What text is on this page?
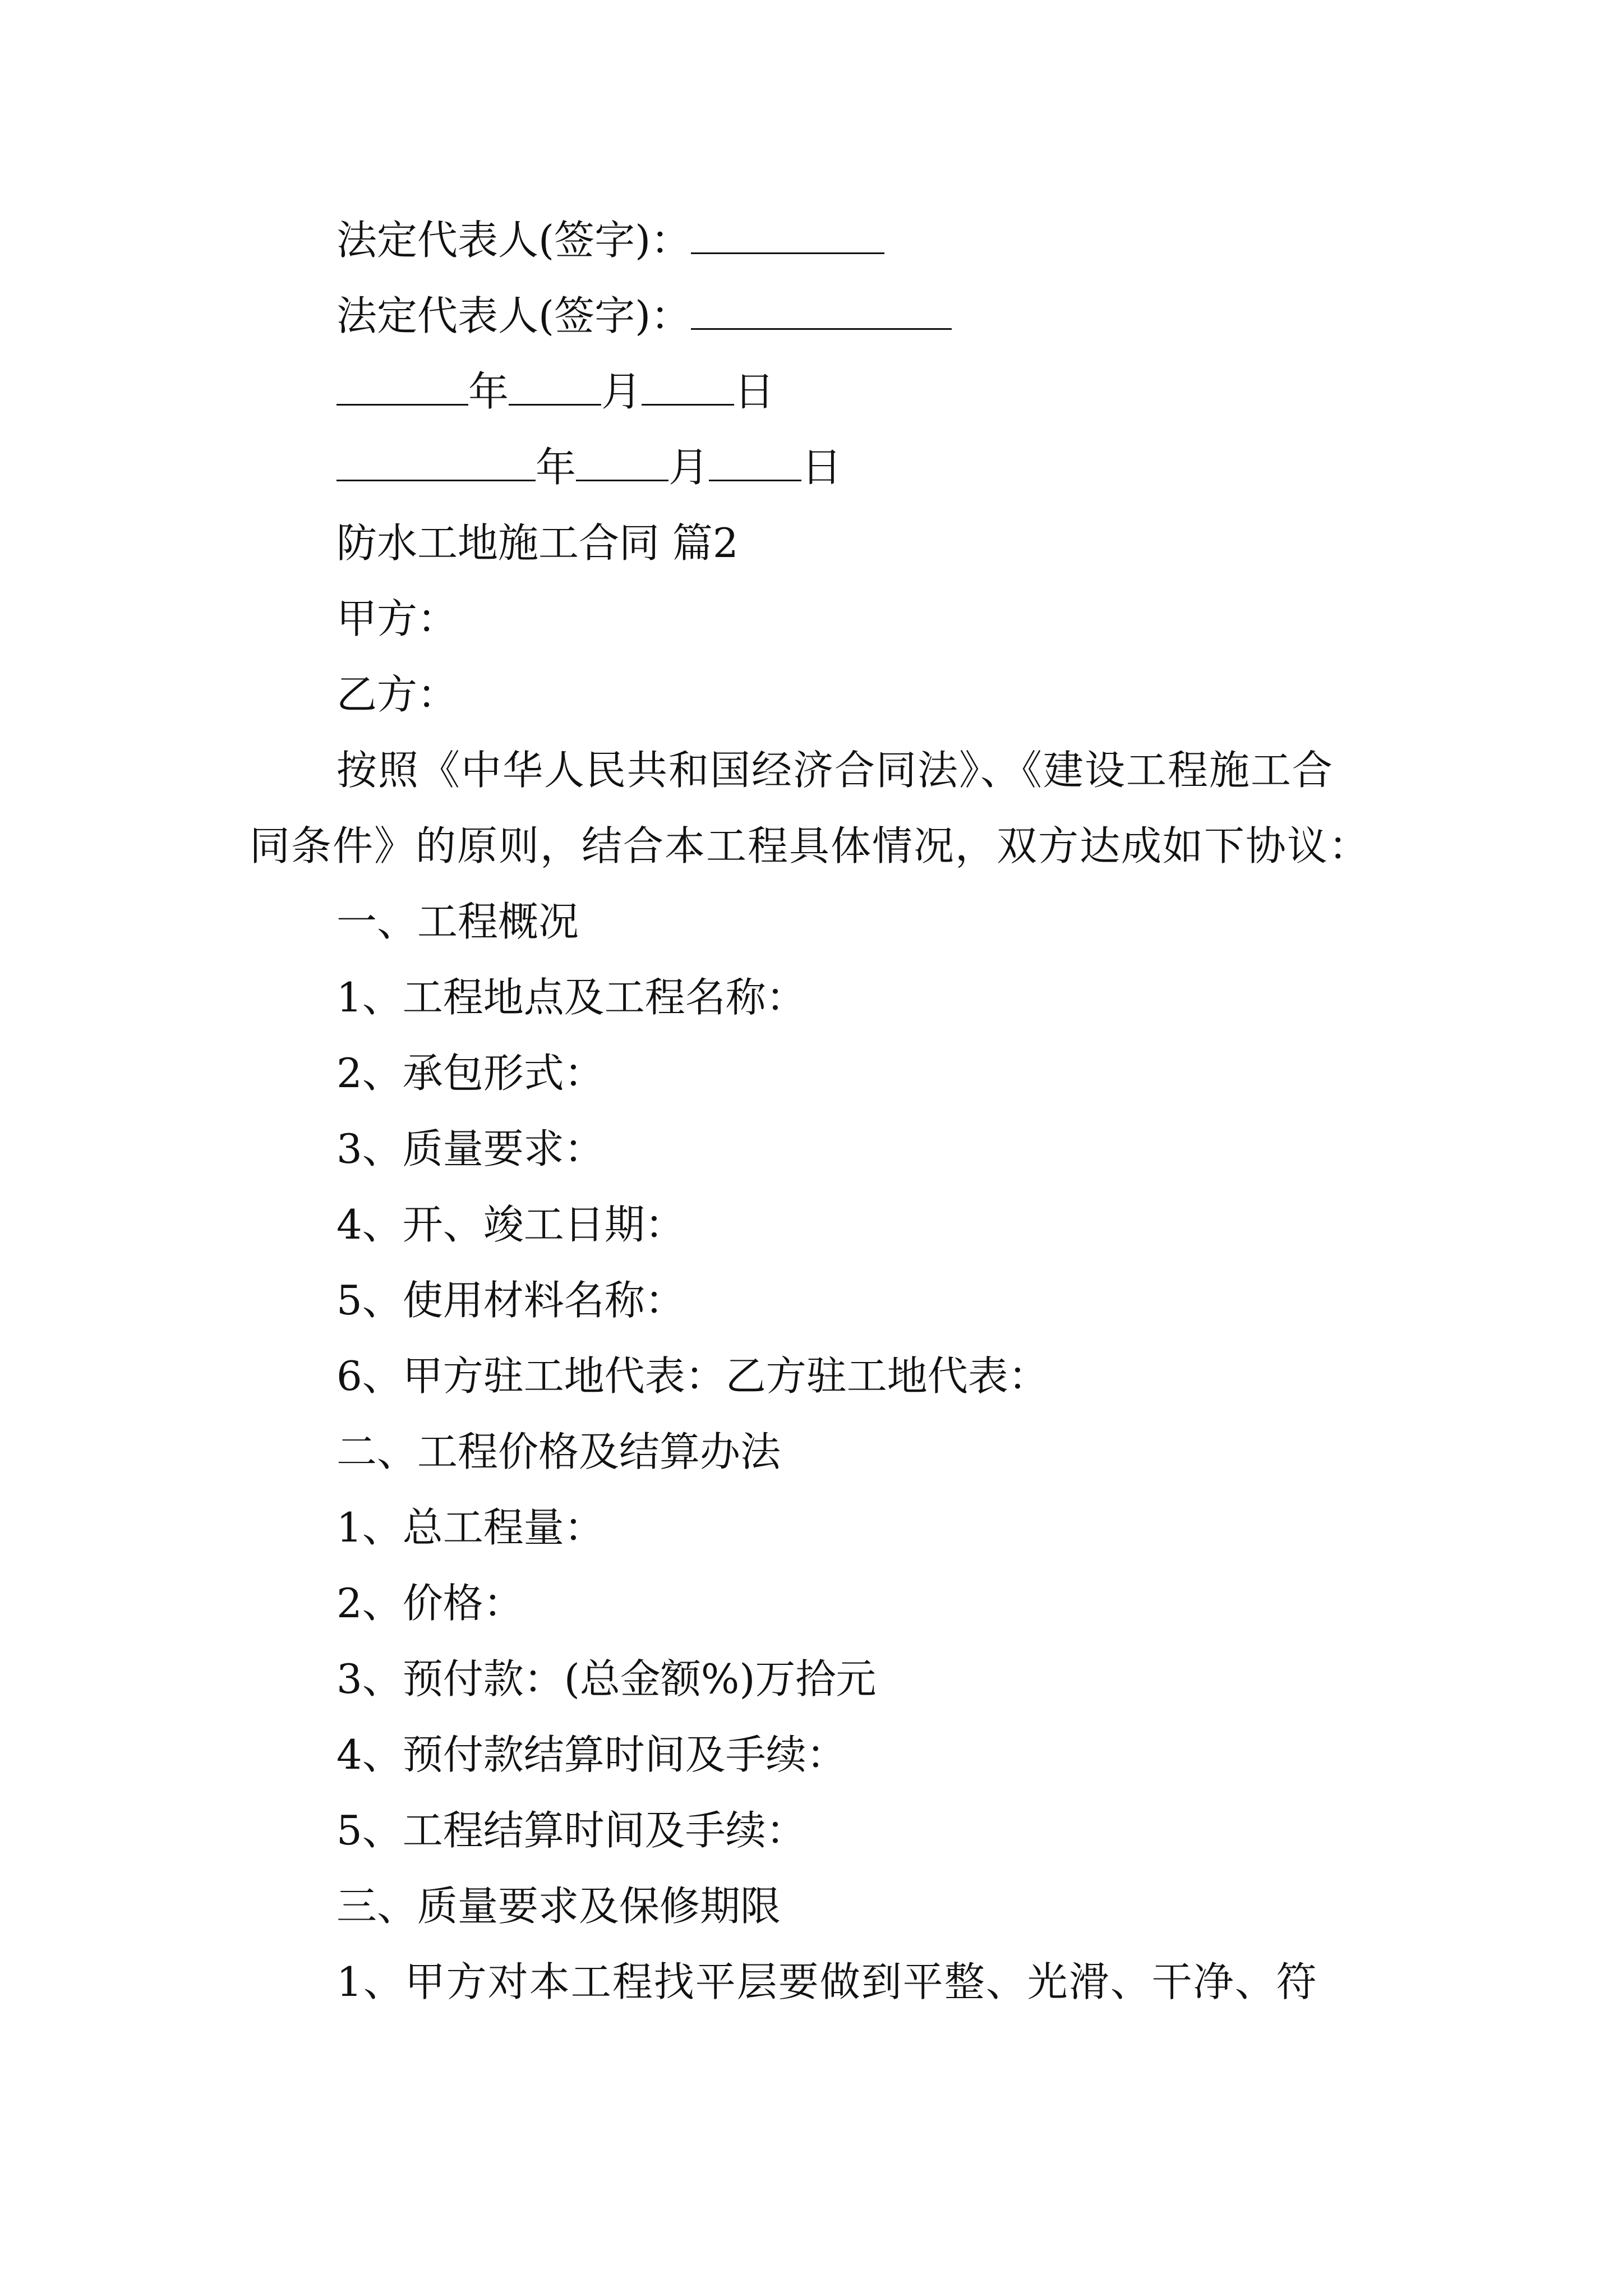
法定代表人(签字)：

法定代表人(签字)：

年 月 日

年 月 日

防水工地施工合同 篇2

甲方：

乙方：

按照《中华人民共和国经济合同法》、《建设工程施工合

同条件》的原则，结合本工程具体情况，双方达成如下协议：

一、工程概况

1、工程地点及工程名称：

2、承包形式：

3、质量要求：

4、开、竣工日期：

5、使用材料名称：

6、甲方驻工地代表：乙方驻工地代表：

二、工程价格及结算办法

1、总工程量：

2、价格：

3、预付款：(总金额%)万拾元

4、预付款结算时间及手续：

5、工程结算时间及手续：

三、质量要求及保修期限

1、甲方对本工程找平层要做到平整、光滑、干净、符
